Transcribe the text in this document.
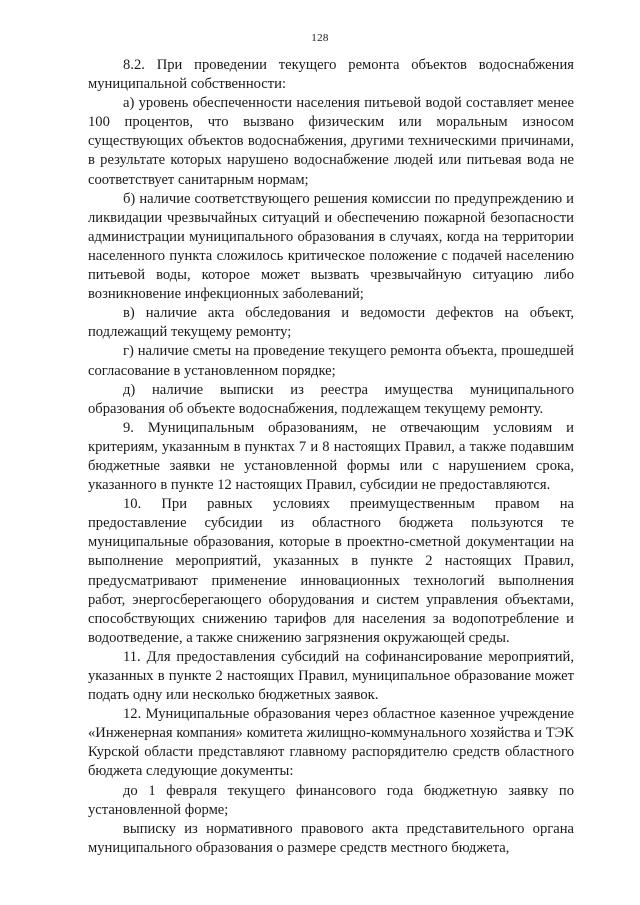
128

8.2. При проведении текущего ремонта объектов водоснабжения муниципальной собственности:

а) уровень обеспеченности населения питьевой водой составляет менее 100 процентов, что вызвано физическим или моральным износом существующих объектов водоснабжения, другими техническими причинами, в результате которых нарушено водоснабжение людей или питьевая вода не соответствует санитарным нормам;

б) наличие соответствующего решения комиссии по предупреждению и ликвидации чрезвычайных ситуаций и обеспечению пожарной безопасности администрации муниципального образования в случаях, когда на территории населенного пункта сложилось критическое положение с подачей населению питьевой воды, которое может вызвать чрезвычайную ситуацию либо возникновение инфекционных заболеваний;

в) наличие акта обследования и ведомости дефектов на объект, подлежащий текущему ремонту;

г) наличие сметы на проведение текущего ремонта объекта, прошедшей согласование в установленном порядке;

д) наличие выписки из реестра имущества муниципального образования об объекте водоснабжения, подлежащем текущему ремонту.

9. Муниципальным образованиям, не отвечающим условиям и критериям, указанным в пунктах 7 и 8 настоящих Правил, а также подавшим бюджетные заявки не установленной формы или с нарушением срока, указанного в пункте 12 настоящих Правил, субсидии не предоставляются.

10. При равных условиях преимущественным правом на предоставление субсидии из областного бюджета пользуются те муниципальные образования, которые в проектно-сметной документации на выполнение мероприятий, указанных в пункте 2 настоящих Правил, предусматривают применение инновационных технологий выполнения работ, энергосберегающего оборудования и систем управления объектами, способствующих снижению тарифов для населения за водопотребление и водоотведение, а также снижению загрязнения окружающей среды.

11. Для предоставления субсидий на софинансирование мероприятий, указанных в пункте 2 настоящих Правил, муниципальное образование может подать одну или несколько бюджетных заявок.

12. Муниципальные образования через областное казенное учреждение «Инженерная компания» комитета жилищно-коммунального хозяйства и ТЭК Курской области представляют главному распорядителю средств областного бюджета следующие документы:

до 1 февраля текущего финансового года бюджетную заявку по установленной форме;

выписку из нормативного правового акта представительного органа муниципального образования о размере средств местного бюджета,
